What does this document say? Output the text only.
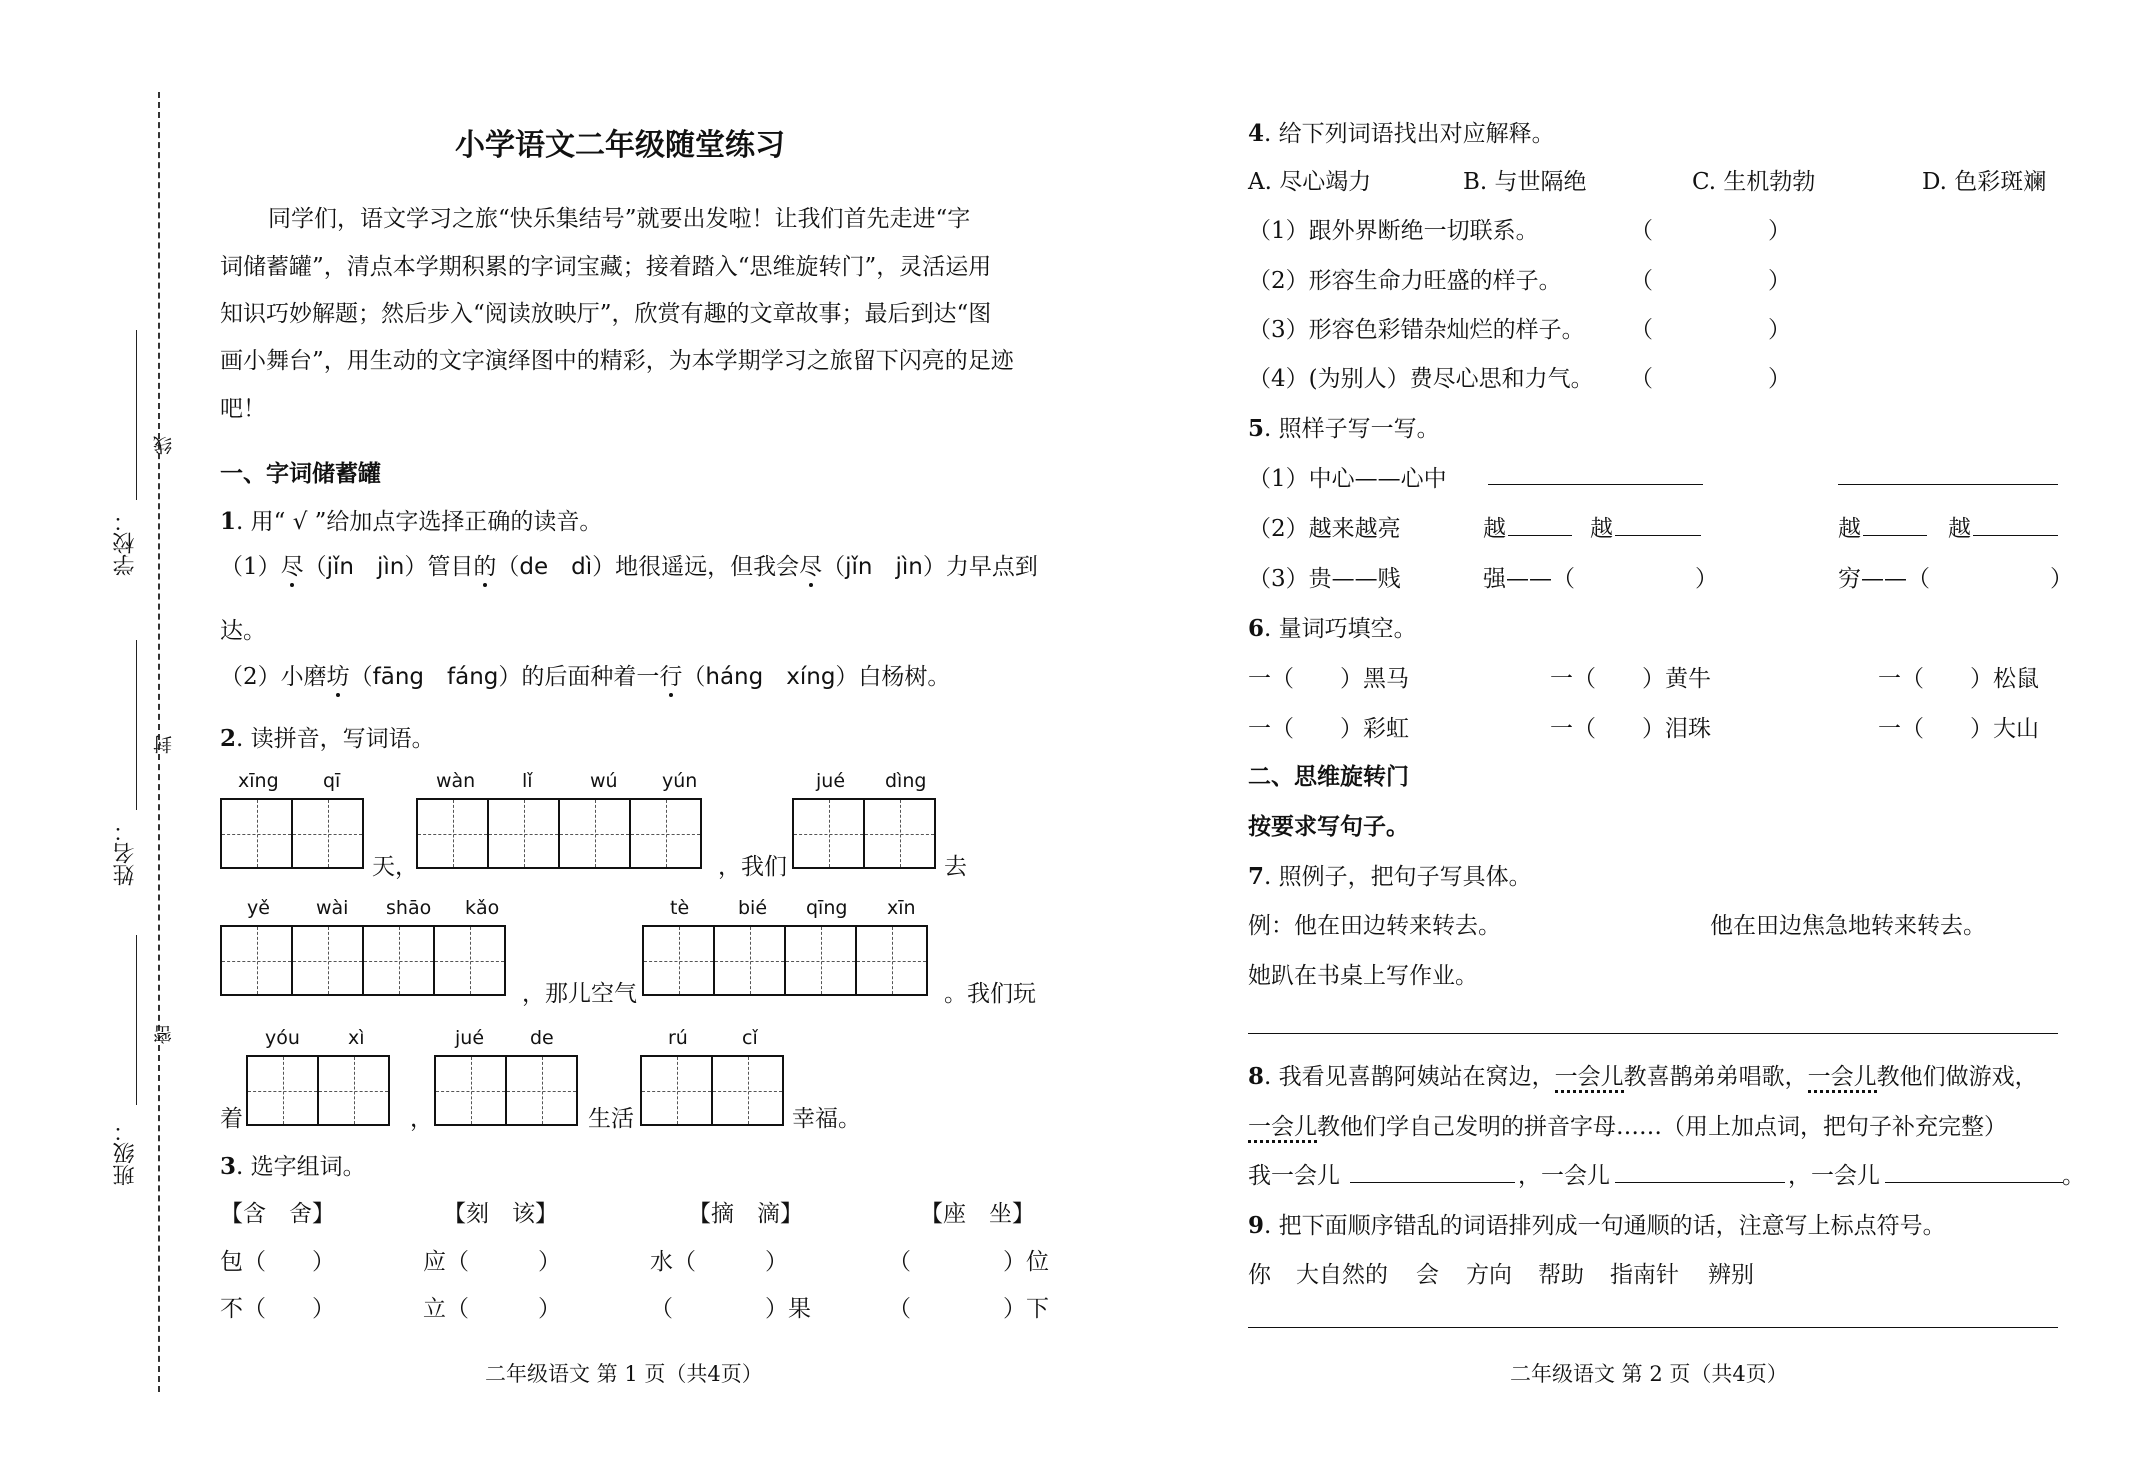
学校：
姓名：
班级：
线
封
密
小学语文二年级随堂练习
同学们，语文学习之旅“快乐集结号”就要出发啦！让我们首先走进“字
词储蓄罐”，清点本学期积累的字词宝藏；接着踏入“思维旋转门”，灵活运用
知识巧妙解题；然后步入“阅读放映厅”，欣赏有趣的文章故事；最后到达“图
画小舞台”，用生动的文字演绎图中的精彩，为本学期学习之旅留下闪亮的足迹
吧！
一、字词储蓄罐
1. 用“ √ ”给加点字选择正确的读音。
（1）尽（jǐn　jìn）管目的（de　dì）地很遥远，但我会尽（jǐn　jìn）力早点到
达。
（2）小磨坊（fāng　fáng）的后面种着一行（háng　xíng）白杨树。
2. 读拼音，写词语。
xīng qī
天，
wàn lǐ	wú yún
，我们
jué dìng
去
yě wài shāo kǎo
，那儿空气
tè	bié qīng xīn
。我们玩
着
yóu	xì
，
jué de
生活
rú	cǐ
幸福。
3. 选字组词。
【含　舍】	【刻　该】	【摘　滴】	【座　坐】
包（　　）	应（　　　）	水（　　　）	（　　　　）位
不（　　）	立（　　　）	（　　　　）果	（　　　　）下
二年级语文 第 1 页（共4页）
4. 给下列词语找出对应解释。
A. 尽心竭力	B. 与世隔绝	C. 生机勃勃	D. 色彩斑斓
（1）跟外界断绝一切联系。	（　　　　　）
（2）形容生命力旺盛的样子。	（　　　　　）
（3）形容色彩错杂灿烂的样子。 （　　　　　）
（4）(为别人）费尽心思和力气。 （　　　　　）
5. 照样子写一写。
（1）中心——心中
（2）越来越亮	越	越	越	越
（3）贵——贱	强——（	）	穷——（	）
6. 量词巧填空。
一（　　）黑马	一（　　）黄牛	一（　　）松鼠
一（　　）彩虹	一（　　）泪珠	一（　　）大山
二、思维旋转门
按要求写句子。
7. 照例子，把句子写具体。
例：他在田边转来转去。	他在田边焦急地转来转去。
她趴在书桌上写作业。
8. 我看见喜鹊阿姨站在窝边，一会儿教喜鹊弟弟唱歌，一会儿教他们做游戏，
一会儿教他们学自己发明的拼音字母……（用上加点词，把句子补充完整）
我一会儿	，一会儿	，一会儿	。
9. 把下面顺序错乱的词语排列成一句通顺的话，注意写上标点符号。
你 大自然的 会 方向 帮助 指南针 辨别
二年级语文 第 2 页（共4页）
